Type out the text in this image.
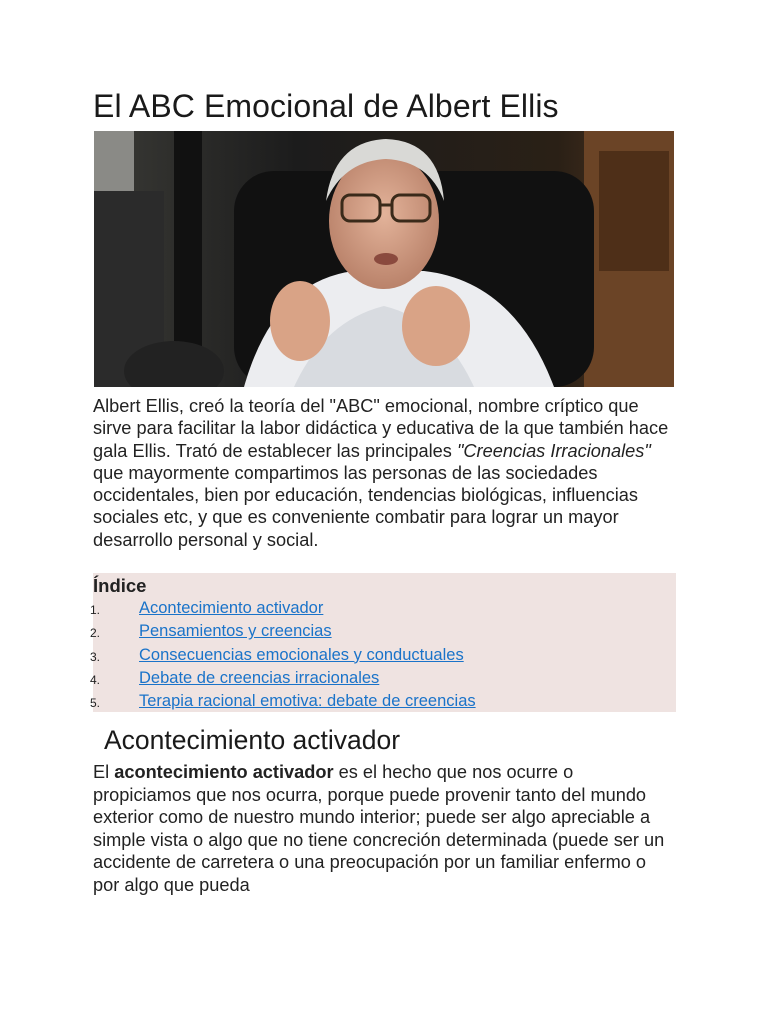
El ABC Emocional de Albert Ellis

Albert Ellis, creó la teoría del "ABC" emocional, nombre críptico que sirve para facilitar la labor didáctica y educativa de la que también hace gala Ellis. Trató de establecer las principales "Creencias Irracionales" que mayormente compartimos las personas de las sociedades occidentales, bien por educación, tendencias biológicas, influencias sociales etc, y que es conveniente combatir para lograr un mayor desarrollo personal y social.

Índice
1. Acontecimiento activador
2. Pensamientos y creencias
3. Consecuencias emocionales y conductuales
4. Debate de creencias irracionales
5. Terapia racional emotiva: debate de creencias
Acontecimiento activador

El acontecimiento activador es el hecho que nos ocurre o propiciamos que nos ocurra, porque puede provenir tanto del mundo exterior como de nuestro mundo interior; puede ser algo apreciable a simple vista o algo que no tiene concreción determinada (puede ser un accidente de carretera o una preocupación por un familiar enfermo o por algo que pueda
